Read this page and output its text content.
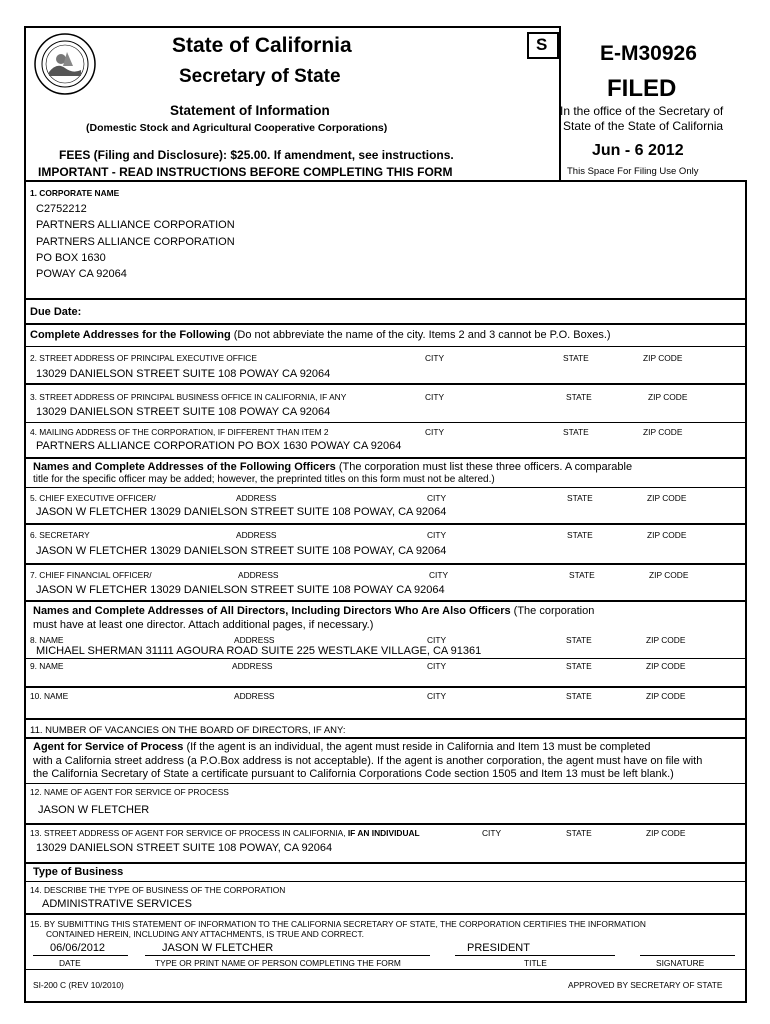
State of California
Secretary of State
Statement of Information
(Domestic Stock and Agricultural Cooperative Corporations)
FEES (Filing and Disclosure): $25.00. If amendment, see instructions.
IMPORTANT - READ INSTRUCTIONS BEFORE COMPLETING THIS FORM
S	E-M30926
FILED
In the office of the Secretary of
State of the State of California
Jun - 6 2012
This Space For Filing Use Only
1. CORPORATE NAME
C2752212
PARTNERS ALLIANCE CORPORATION
PARTNERS ALLIANCE CORPORATION
PO BOX 1630
POWAY CA 92064
Due Date:
Complete Addresses for the Following (Do not abbreviate the name of the city. Items 2 and 3 cannot be P.O. Boxes.)
2. STREET ADDRESS OF PRINCIPAL EXECUTIVE OFFICE	CITY	STATE	ZIP CODE
13029 DANIELSON STREET SUITE 108 POWAY CA 92064
3. STREET ADDRESS OF PRINCIPAL BUSINESS OFFICE IN CALIFORNIA, IF ANY	CITY	STATE	ZIP CODE
13029 DANIELSON STREET SUITE 108 POWAY CA 92064
4. MAILING ADDRESS OF THE CORPORATION, IF DIFFERENT THAN ITEM 2	CITY	STATE	ZIP CODE
PARTNERS ALLIANCE CORPORATION PO BOX 1630 POWAY CA 92064
Names and Complete Addresses of the Following Officers (The corporation must list these three officers. A comparable
title for the specific officer may be added; however, the preprinted titles on this form must not be altered.)
5. CHIEF EXECUTIVE OFFICER/	ADDRESS	CITY	STATE	ZIP CODE
JASON W FLETCHER 13029 DANIELSON STREET SUITE 108 POWAY, CA 92064
6. SECRETARY	ADDRESS	CITY	STATE	ZIP CODE
JASON W FLETCHER 13029 DANIELSON STREET SUITE 108 POWAY, CA 92064
7. CHIEF FINANCIAL OFFICER/	ADDRESS	CITY	STATE	ZIP CODE
JASON W FLETCHER 13029 DANIELSON STREET SUITE 108 POWAY CA 92064
Names and Complete Addresses of All Directors, Including Directors Who Are Also Officers (The corporation
must have at least one director. Attach additional pages, if necessary.)
8. NAME	ADDRESS	CITY	STATE	ZIP CODE
MICHAEL SHERMAN 31111 AGOURA ROAD SUITE 225 WESTLAKE VILLAGE, CA 91361
9. NAME	ADDRESS	CITY	STATE	ZIP CODE
10. NAME	ADDRESS	CITY	STATE	ZIP CODE
11. NUMBER OF VACANCIES ON THE BOARD OF DIRECTORS, IF ANY:
Agent for Service of Process (If the agent is an individual, the agent must reside in California and Item 13 must be completed
with a California street address (a P.O.Box address is not acceptable). If the agent is another corporation, the agent must have on file with
the California Secretary of State a certificate pursuant to California Corporations Code section 1505 and Item 13 must be left blank.)
12. NAME OF AGENT FOR SERVICE OF PROCESS
JASON W FLETCHER
13. STREET ADDRESS OF AGENT FOR SERVICE OF PROCESS IN CALIFORNIA, IF AN INDIVIDUAL	CITY	STATE	ZIP CODE
13029 DANIELSON STREET SUITE 108 POWAY, CA 92064
Type of Business
14. DESCRIBE THE TYPE OF BUSINESS OF THE CORPORATION
ADMINISTRATIVE SERVICES
15. BY SUBMITTING THIS STATEMENT OF INFORMATION TO THE CALIFORNIA SECRETARY OF STATE, THE CORPORATION CERTIFIES THE INFORMATION
CONTAINED HEREIN, INCLUDING ANY ATTACHMENTS, IS TRUE AND CORRECT.
06/06/2012	JASON W FLETCHER	PRESIDENT
DATE	TYPE OR PRINT NAME OF PERSON COMPLETING THE FORM	TITLE	SIGNATURE
SI-200 C (REV 10/2010)	APPROVED BY SECRETARY OF STATE
